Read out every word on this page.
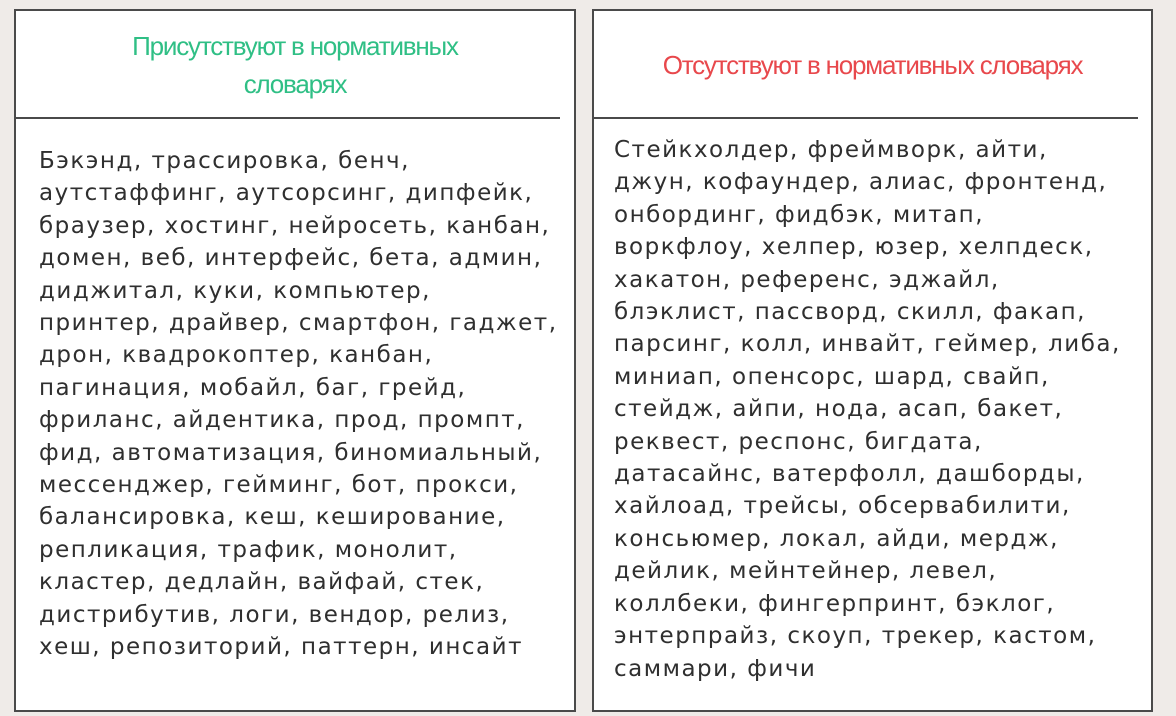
Присутствуют в нормативных словарях

Бэкэнд, трассировка, бенч,
аутстаффинг, аутсорсинг, дипфейк,
браузер, хостинг, нейросеть, канбан,
домен, веб, интерфейс, бета, админ,
диджитал, куки, компьютер,
принтер, драйвер, смартфон, гаджет,
дрон, квадрокоптер, канбан,
пагинация, мобайл, баг, грейд,
фриланс, айдентика, прод, промпт,
фид, автоматизация, биномиальный,
мессенджер, гейминг, бот, прокси,
балансировка, кеш, кеширование,
репликация, трафик, монолит,
кластер, дедлайн, вайфай, стек,
дистрибутив, логи, вендор, релиз,
хеш, репозиторий, паттерн, инсайт

Отсутствуют в нормативных словарях

Стейкхолдер, фреймворк, айти,
джун, кофаундер, алиас, фронтенд,
онбординг, фидбэк, митап,
воркфлоу, хелпер, юзер, хелпдеск,
хакатон, референс, эджайл,
блэклист, пассворд, скилл, факап,
парсинг, колл, инвайт, геймер, либа,
миниап, опенсорс, шард, свайп,
стейдж, айпи, нода, асап, бакет,
реквест, респонс, бигдата,
датасайнс, ватерфолл, дашборды,
хайлоад, трейсы, обсервабилити,
консьюмер, локал, айди, мердж,
дейлик, мейнтейнер, левел,
коллбеки, фингерпринт, бэклог,
энтерпрайз, скоуп, трекер, кастом,
саммари, фичи
